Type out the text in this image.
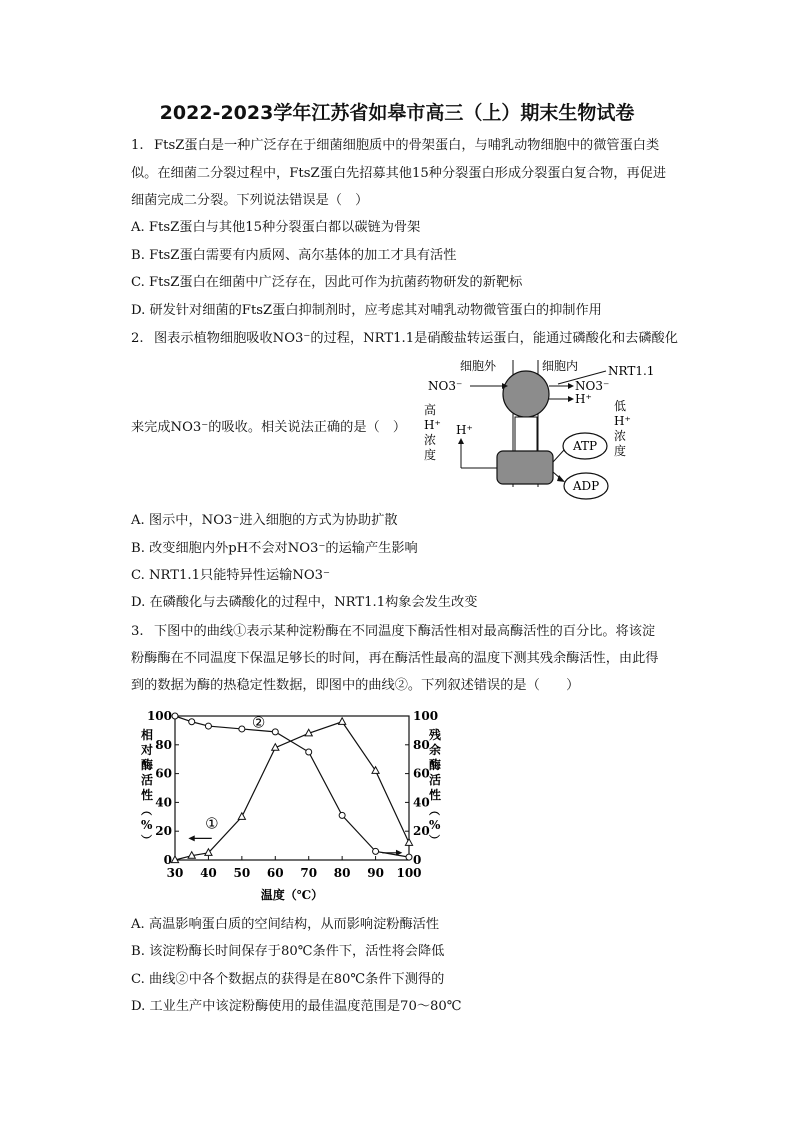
2022-2023学年江苏省如皋市高三（上）期末生物试卷
1. FtsZ蛋白是一种广泛存在于细菌细胞质中的骨架蛋白，与哺乳动物细胞中的微管蛋白类
似。在细菌二分裂过程中，FtsZ蛋白先招募其他15种分裂蛋白形成分裂蛋白复合物，再促进
细菌完成二分裂。下列说法错误是（　）
A. FtsZ蛋白与其他15种分裂蛋白都以碳链为骨架
B. FtsZ蛋白需要有内质网、高尔基体的加工才具有活性
C. FtsZ蛋白在细菌中广泛存在，因此可作为抗菌药物研发的新靶标
D. 研发针对细菌的FtsZ蛋白抑制剂时，应考虑其对哺乳动物微管蛋白的抑制作用
2. 图表示植物细胞吸收NO3⁻的过程，NRT1.1是硝酸盐转运蛋白，能通过磷酸化和去磷酸化
来完成NO3⁻的吸收。相关说法正确的是（　）
细胞外	细胞内 NRT1.1
NO3⁻	NO3⁻
H⁺
高 H⁺ 浓 度
H⁺
ATP
ADP
低 H⁺ 浓 度
A. 图示中，NO3⁻进入细胞的方式为协助扩散
B. 改变细胞内外pH不会对NO3⁻的运输产生影响
C. NRT1.1只能特异性运输NO3⁻
D. 在磷酸化与去磷酸化的过程中，NRT1.1构象会发生改变
3. 下图中的曲线①表示某种淀粉酶在不同温度下酶活性相对最高酶活性的百分比。将该淀
粉酶酶在不同温度下保温足够长的时间，再在酶活性最高的温度下测其残余酶活性，由此得
到的数据为酶的热稳定性数据，即图中的曲线②。下列叙述错误的是（　　）
相对酶活性︵ % ︶
残余酶活性︵ % ︶
温度（℃）
30 40 50 60 70 80 90 100
0	0
20	20
40	40
60	60
80	80
100	100
①
②
A. 高温影响蛋白质的空间结构，从而影响淀粉酶活性
B. 该淀粉酶长时间保存于80℃条件下，活性将会降低
C. 曲线②中各个数据点的获得是在80℃条件下测得的
D. 工业生产中该淀粉酶使用的最佳温度范围是70～80℃
